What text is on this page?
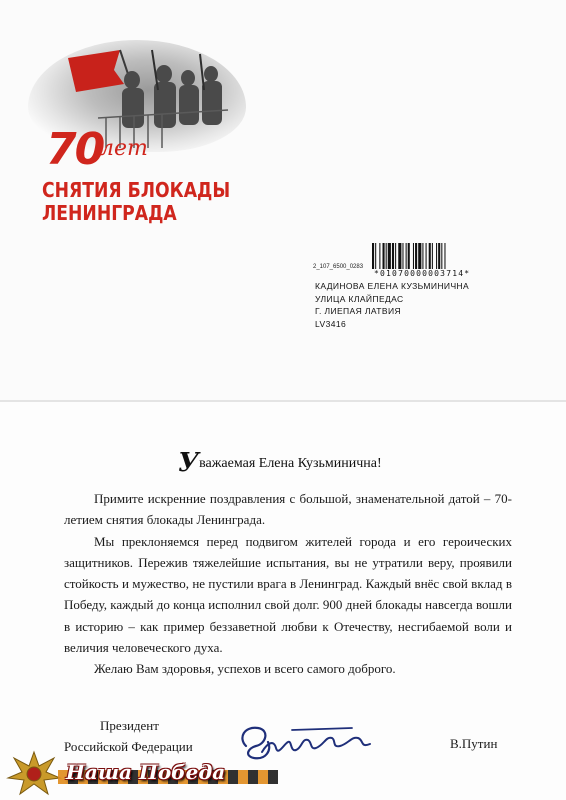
70
лет
СНЯТИЯ БЛОКАДЫ
ЛЕНИНГРАДА
2_107_6500_0283
*01070000003714*
КАДИНОВА ЕЛЕНА КУЗЬМИНИЧНА
УЛИЦА КЛАЙПЕДАС
Г. ЛИЕПАЯ ЛАТВИЯ
LV3416
Уважаемая Елена Кузьминична!

Примите искренние поздравления с большой, знаменательной датой – 70-летием снятия блокады Ленинграда.

Мы преклоняемся перед подвигом жителей города и его героических защитников. Пережив тяжелейшие испытания, вы не утратили веру, проявили стойкость и мужество, не пустили врага в Ленинград. Каждый внёс свой вклад в Победу, каждый до конца исполнил свой долг. 900 дней блокады навсегда вошли в историю – как пример беззаветной любви к Отечеству, несгибаемой воли и величия человеческого духа.

Желаю Вам здоровья, успехов и всего самого доброго.

Президент
Российской Федерации	В.Путин
Наша Победа
